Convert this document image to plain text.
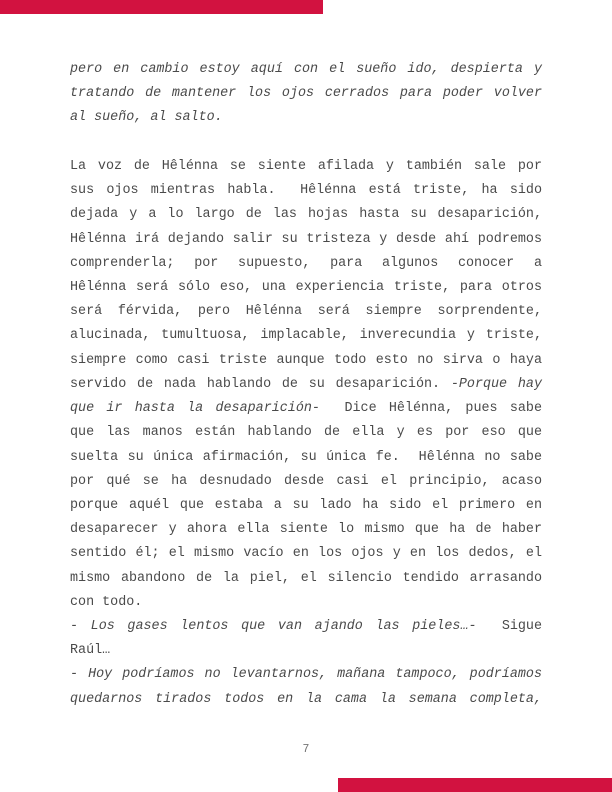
pero en cambio estoy aquí con el sueño ido, despierta y
tratando de mantener los ojos cerrados para poder volver
al sueño, al salto.
La voz de Hêlénna se siente afilada y también sale por
sus ojos mientras habla.  Hêlénna está triste, ha sido
dejada y a lo largo de las hojas hasta su desaparición,
Hêlénna irá dejando salir su tristeza y desde ahí podremos
comprenderla; por supuesto, para algunos conocer a
Hêlénna será sólo eso, una experiencia triste, para otros
será férvida, pero Hêlénna será siempre sorprendente,
alucinada, tumultuosa, implacable, inverecundia y triste,
siempre como casi triste aunque todo esto no sirva o haya
servido de nada hablando de su desaparición. -Porque hay
que ir hasta la desaparición-  Dice Hêlénna, pues sabe
que las manos están hablando de ella y es por eso que
suelta su única afirmación, su única fe.  Hêlénna no sabe
por qué se ha desnudado desde casi el principio, acaso
porque aquél que estaba a su lado ha sido el primero en
desaparecer y ahora ella siente lo mismo que ha de haber
sentido él; el mismo vacío en los ojos y en los dedos, el
mismo abandono de la piel, el silencio tendido arrasando
con todo.
- Los gases lentos que van ajando las pieles…-  Sigue
Raúl…
- Hoy podríamos no levantarnos, mañana tampoco, podríamos
quedarnos tirados todos en la cama la semana completa,
7
